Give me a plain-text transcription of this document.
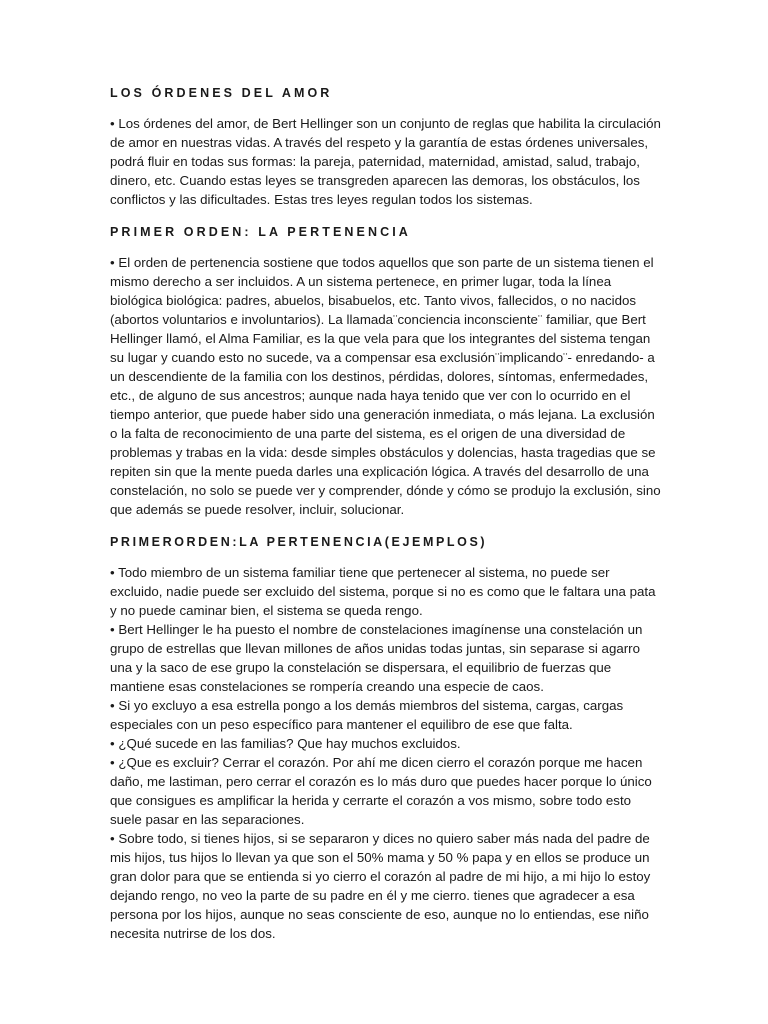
LOS ÓRDENES DEL AMOR

• Los órdenes del amor, de Bert Hellinger son un conjunto de reglas que habilita la circulación de amor en nuestras vidas. A través del respeto y la garantía de estas órdenes universales, podrá fluir en todas sus formas: la pareja, paternidad, maternidad, amistad, salud, trabajo, dinero, etc. Cuando estas leyes se transgreden aparecen las demoras, los obstáculos, los conflictos y las dificultades. Estas tres leyes regulan todos los sistemas.

PRIMER ORDEN: LA PERTENENCIA

• El orden de pertenencia sostiene que todos aquellos que son parte de un sistema tienen el mismo derecho a ser incluidos. A un sistema pertenece, en primer lugar, toda la línea biológica biológica: padres, abuelos, bisabuelos, etc. Tanto vivos, fallecidos, o no nacidos (abortos voluntarios e involuntarios). La llamada¨conciencia inconsciente¨ familiar, que Bert Hellinger llamó, el Alma Familiar, es la que vela para que los integrantes del sistema tengan su lugar y cuando esto no sucede, va a compensar esa exclusión¨implicando¨- enredando- a un descendiente de la familia con los destinos, pérdidas, dolores, síntomas, enfermedades, etc., de alguno de sus ancestros; aunque nada haya tenido que ver con lo ocurrido en el tiempo anterior, que puede haber sido una generación inmediata, o más lejana. La exclusión o la falta de reconocimiento de una parte del sistema, es el origen de una diversidad de problemas y trabas en la vida: desde simples obstáculos y dolencias, hasta tragedias que se repiten sin que la mente pueda darles una explicación lógica. A través del desarrollo de una constelación, no solo se puede ver y comprender, dónde y cómo se produjo la exclusión, sino que además se puede resolver, incluir, solucionar.

PRIMERORDEN:LA PERTENENCIA(EJEMPLOS)
• Todo miembro de un sistema familiar tiene que pertenecer al sistema, no puede ser excluido, nadie puede ser excluido del sistema, porque si no es como que le faltara una pata y no puede caminar bien, el sistema se queda rengo.
• Bert Hellinger le ha puesto el nombre de constelaciones imagínense una constelación un grupo de estrellas que llevan millones de años unidas todas juntas, sin separase si agarro una y la saco de ese grupo la constelación se dispersara, el equilibrio de fuerzas que mantiene esas constelaciones se rompería creando una especie de caos.
• Si yo excluyo a esa estrella pongo a los demás miembros del sistema, cargas, cargas especiales con un peso específico para mantener el equilibro de ese que falta.
• ¿Qué sucede en las familias? Que hay muchos excluidos.
• ¿Que es excluir? Cerrar el corazón. Por ahí me dicen cierro el corazón porque me hacen daño, me lastiman, pero cerrar el corazón es lo más duro que puedes hacer porque lo único que consigues es amplificar la herida y cerrarte el corazón a vos mismo, sobre todo esto suele pasar en las separaciones.
• Sobre todo, si tienes hijos, si se separaron y dices no quiero saber más nada del padre de mis hijos, tus hijos lo llevan ya que son el 50% mama y 50 % papa y en ellos se produce un gran dolor para que se entienda si yo cierro el corazón al padre de mi hijo, a mi hijo lo estoy dejando rengo, no veo la parte de su padre en él y me cierro. tienes que agradecer a esa persona por los hijos, aunque no seas consciente de eso, aunque no lo entiendas, ese niño necesita nutrirse de los dos.
